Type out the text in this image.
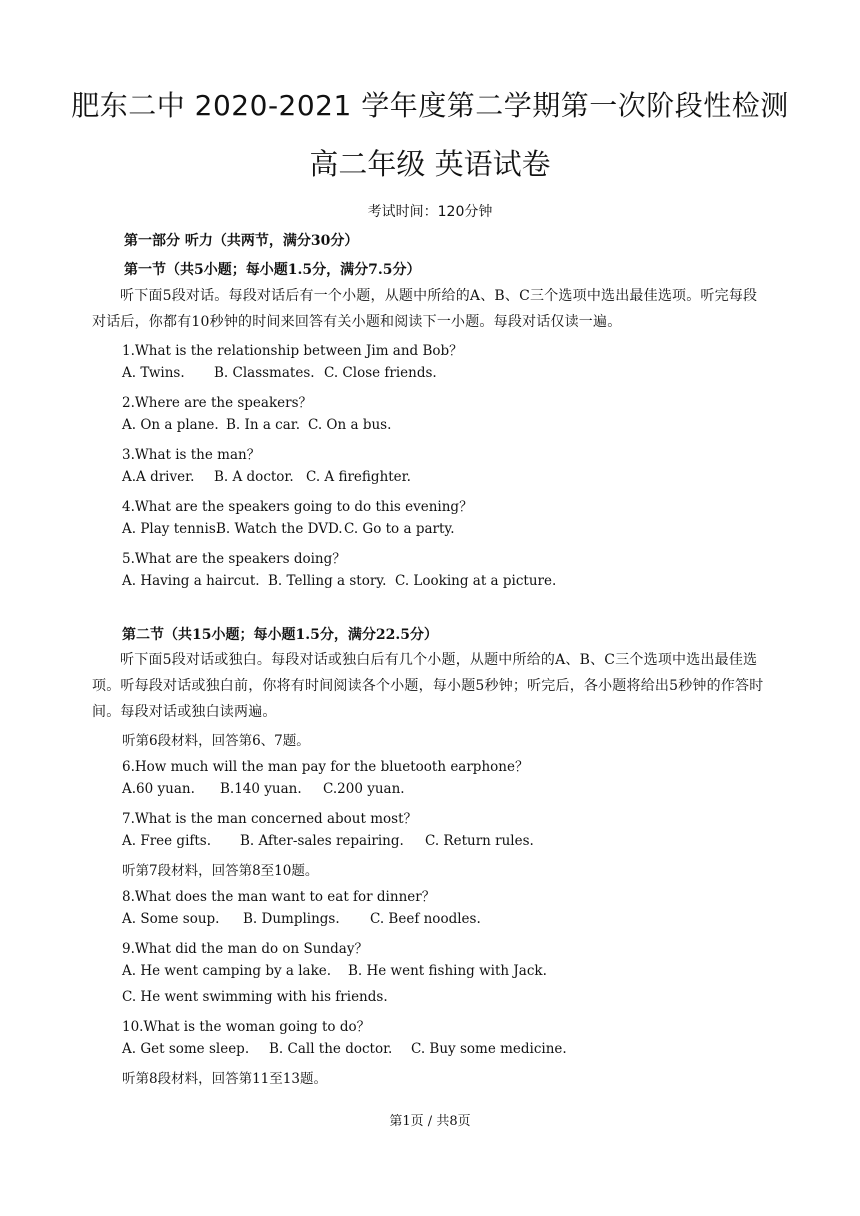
肥东二中 2020-2021 学年度第二学期第一次阶段性检测
高二年级 英语试卷
考试时间：120分钟
第一部分 听力（共两节，满分30分）
第一节（共5小题；每小题1.5分，满分7.5分）
听下面5段对话。每段对话后有一个小题，从题中所给的A、B、C三个选项中选出最佳选项。听完每段对话后，你都有10秒钟的时间来回答有关小题和阅读下一小题。每段对话仅读一遍。
1.What is the relationship between Jim and Bob？
A. Twins. B. Classmates. C. Close friends.
2.Where are the speakers？
A. On a plane. B. In a car. C. On a bus.
3.What is the man？
A.A driver. B. A doctor. C. A firefighter.
4.What are the speakers going to do this evening？
A. Play tennis.B. Watch the DVD.C. Go to a party.
5.What are the speakers doing？
A. Having a haircut. B. Telling a story. C. Looking at a picture.
第二节（共15小题；每小题1.5分，满分22.5分）
听下面5段对话或独白。每段对话或独白后有几个小题，从题中所给的A、B、C三个选项中选出最佳选项。听每段对话或独白前，你将有时间阅读各个小题，每小题5秒钟；听完后，各小题将给出5秒钟的作答时间。每段对话或独白读两遍。
听第6段材料，回答第6、7题。
6.How much will the man pay for the bluetooth earphone？
A.60 yuan. B.140 yuan. C.200 yuan.
7.What is the man concerned about most？
A. Free gifts. B. After-sales repairing. C. Return rules.
听第7段材料，回答第8至10题。
8.What does the man want to eat for dinner？
A. Some soup. B. Dumplings. C. Beef noodles.
9.What did the man do on Sunday？
A. He went camping by a lake. B. He went fishing with Jack.
C. He went swimming with his friends.
10.What is the woman going to do？
A. Get some sleep. B. Call the doctor. C. Buy some medicine.
听第8段材料，回答第11至13题。
第1页 / 共8页
